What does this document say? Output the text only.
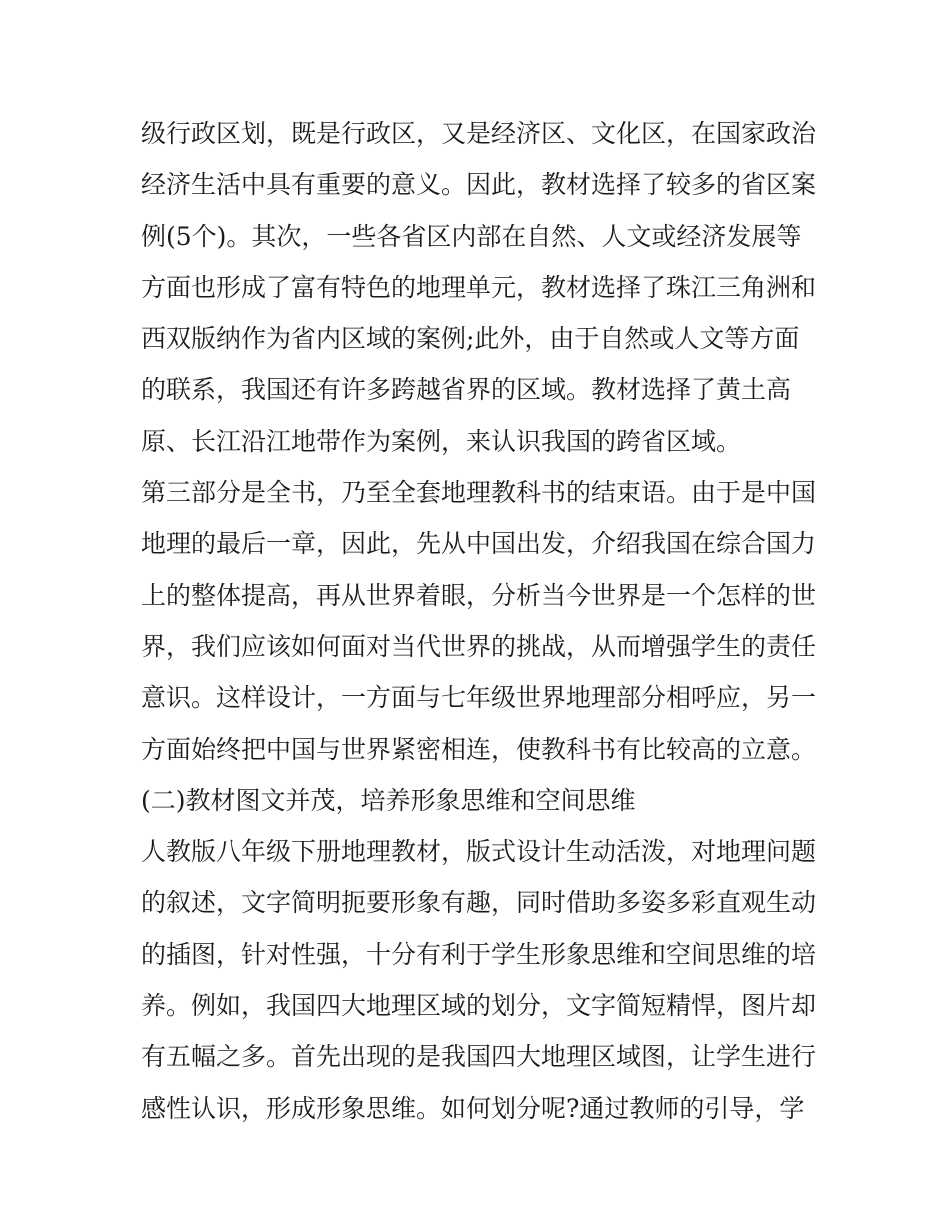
级行政区划，既是行政区，又是经济区、文化区，在国家政治
经济生活中具有重要的意义。因此，教材选择了较多的省区案
例(5个)。其次，一些各省区内部在自然、人文或经济发展等
方面也形成了富有特色的地理单元，教材选择了珠江三角洲和
西双版纳作为省内区域的案例;此外，由于自然或人文等方面
的联系，我国还有许多跨越省界的区域。教材选择了黄土高
原、长江沿江地带作为案例，来认识我国的跨省区域。
第三部分是全书，乃至全套地理教科书的结束语。由于是中国
地理的最后一章，因此，先从中国出发，介绍我国在综合国力
上的整体提高，再从世界着眼，分析当今世界是一个怎样的世
界，我们应该如何面对当代世界的挑战，从而增强学生的责任
意识。这样设计，一方面与七年级世界地理部分相呼应，另一
方面始终把中国与世界紧密相连，使教科书有比较高的立意。
(二)教材图文并茂，培养形象思维和空间思维
人教版八年级下册地理教材，版式设计生动活泼，对地理问题
的叙述，文字简明扼要形象有趣，同时借助多姿多彩直观生动
的插图，针对性强，十分有利于学生形象思维和空间思维的培
养。例如，我国四大地理区域的划分，文字简短精悍，图片却
有五幅之多。首先出现的是我国四大地理区域图，让学生进行
感性认识，形成形象思维。如何划分呢?通过教师的引导，学
